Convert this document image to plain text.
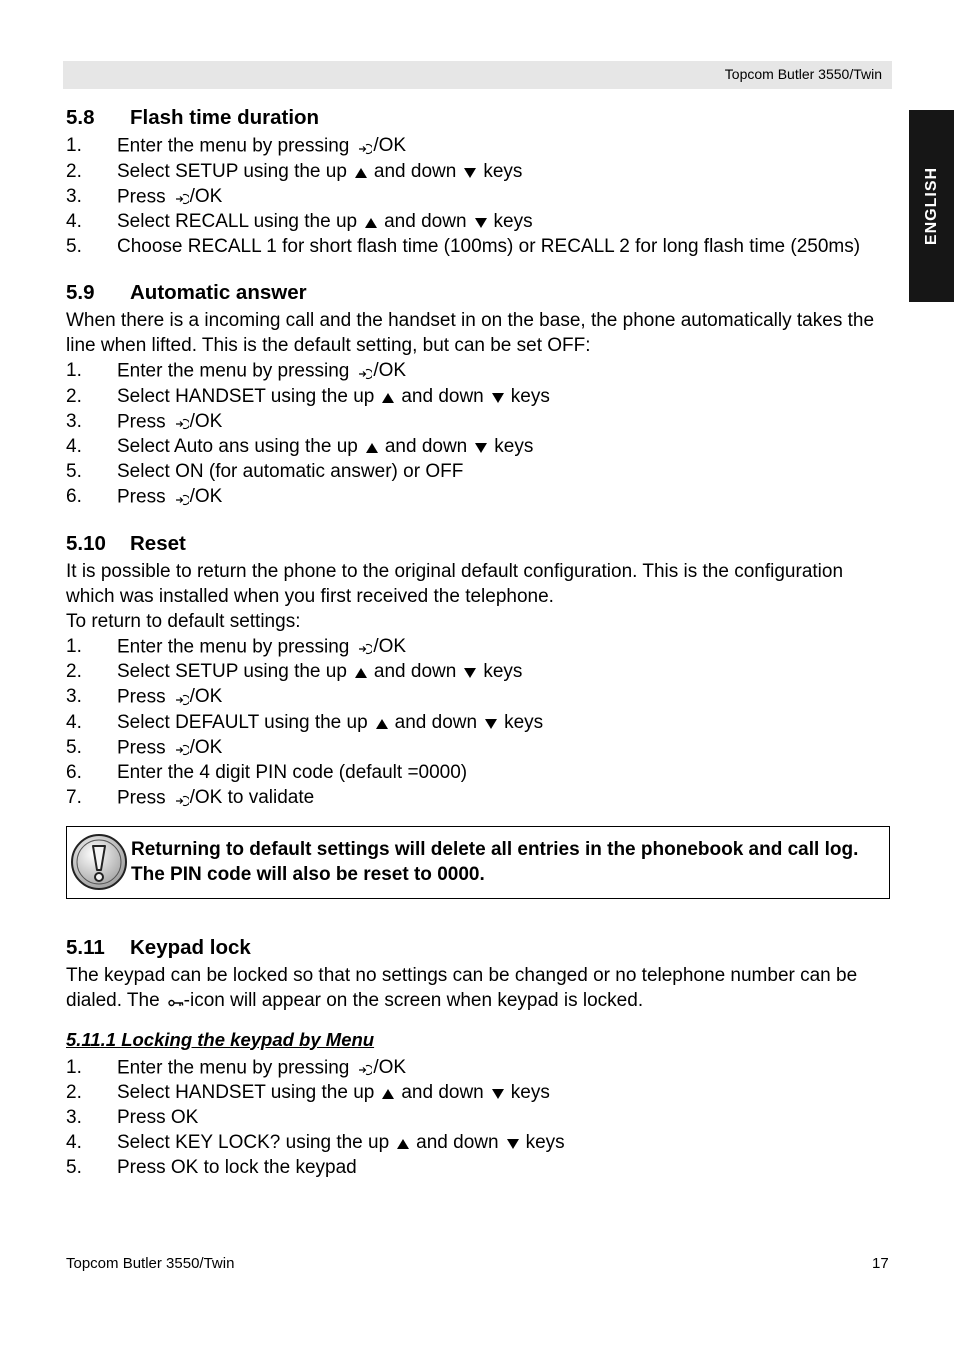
Topcom Butler 3550/Twin
ENGLISH
5.8	Flash time duration
1.	Enter the menu by pressing /OK
2.	Select SETUP using the up and down keys
3.	Press /OK
4.	Select RECALL using the up and down keys
5.	Choose RECALL 1 for short flash time (100ms) or RECALL 2 for long flash time (250ms)
5.9	Automatic answer

When there is a incoming call and the handset in on the base, the phone automatically takes the line when lifted. This is the default setting, but can be set OFF:

1.	Enter the menu by pressing /OK
2.	Select HANDSET using the up and down keys
3.	Press /OK
4.	Select Auto ans using the up and down keys
5.	Select ON (for automatic answer) or OFF
6.	Press /OK
5.10	Reset

It is possible to return the phone to the original default configuration. This is the configuration which was installed when you first received the telephone.

To return to default settings:

1.	Enter the menu by pressing /OK
2.	Select SETUP using the up and down keys
3.	Press /OK
4.	Select DEFAULT using the up and down keys
5.	Press /OK
6.	Enter the 4 digit PIN code (default =0000)
7.	Press /OK to validate
Returning to default settings will delete all entries in the phonebook and call log. The PIN code will also be reset to 0000.
5.11	Keypad lock

The keypad can be locked so that no settings can be changed or no telephone number can be dialed. The -icon will appear on the screen when keypad is locked.

5.11.1 Locking the keypad by Menu
1.	Enter the menu by pressing /OK
2.	Select HANDSET using the up and down keys
3.	Press OK
4.	Select KEY LOCK? using the up and down keys
5.	Press OK to lock the keypad
Topcom Butler 3550/Twin	17
